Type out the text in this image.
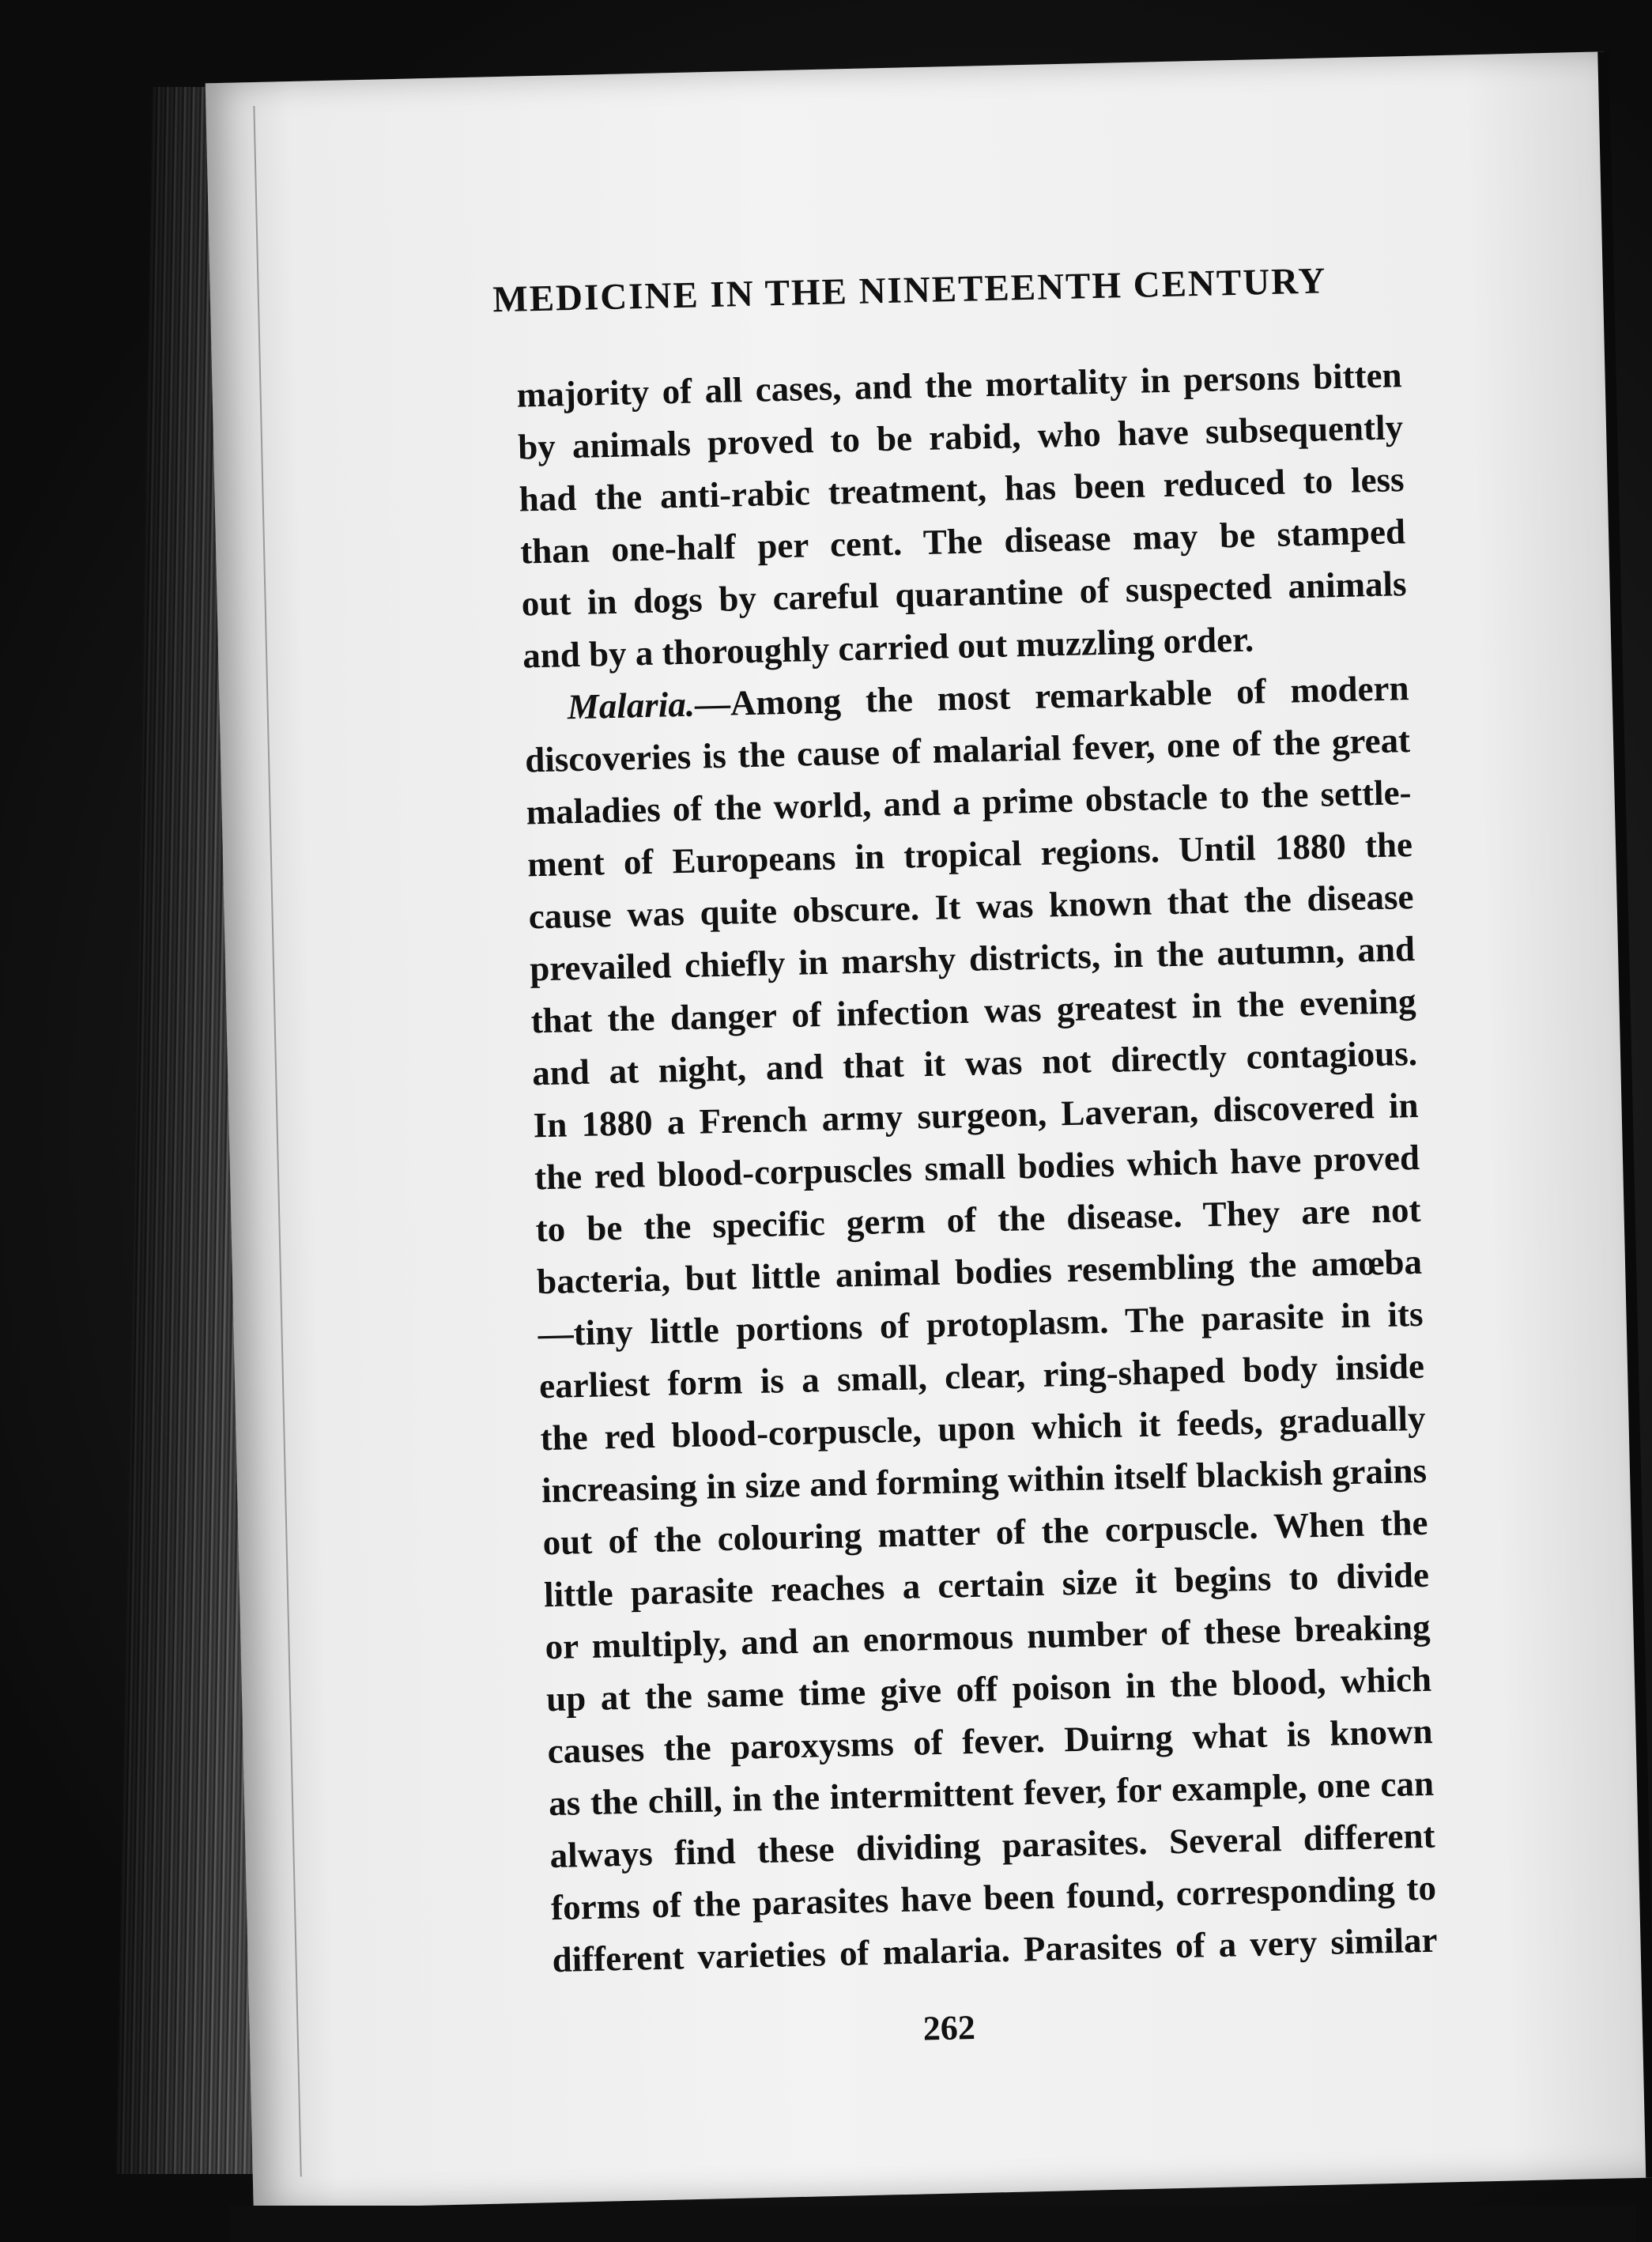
MEDICINE IN THE NINETEENTH CENTURY
majority of all cases, and the mortality in persons bitten
by animals proved to be rabid, who have subsequently
had the anti-rabic treatment, has been reduced to less
than one-half per cent. The disease may be stamped
out in dogs by careful quarantine of suspected animals
and by a thoroughly carried out muzzling order.
Malaria.—Among the most remarkable of modern
discoveries is the cause of malarial fever, one of the great
maladies of the world, and a prime obstacle to the settle-
ment of Europeans in tropical regions. Until 1880 the
cause was quite obscure. It was known that the disease
prevailed chiefly in marshy districts, in the autumn, and
that the danger of infection was greatest in the evening
and at night, and that it was not directly contagious.
In 1880 a French army surgeon, Laveran, discovered in
the red blood-corpuscles small bodies which have proved
to be the specific germ of the disease. They are not
bacteria, but little animal bodies resembling the amœba
—tiny little portions of protoplasm. The parasite in its
earliest form is a small, clear, ring-shaped body inside
the red blood-corpuscle, upon which it feeds, gradually
increasing in size and forming within itself blackish grains
out of the colouring matter of the corpuscle. When the
little parasite reaches a certain size it begins to divide
or multiply, and an enormous number of these breaking
up at the same time give off poison in the blood, which
causes the paroxysms of fever. Duirng what is known
as the chill, in the intermittent fever, for example, one can
always find these dividing parasites. Several different
forms of the parasites have been found, corresponding to
different varieties of malaria. Parasites of a very similar
262
